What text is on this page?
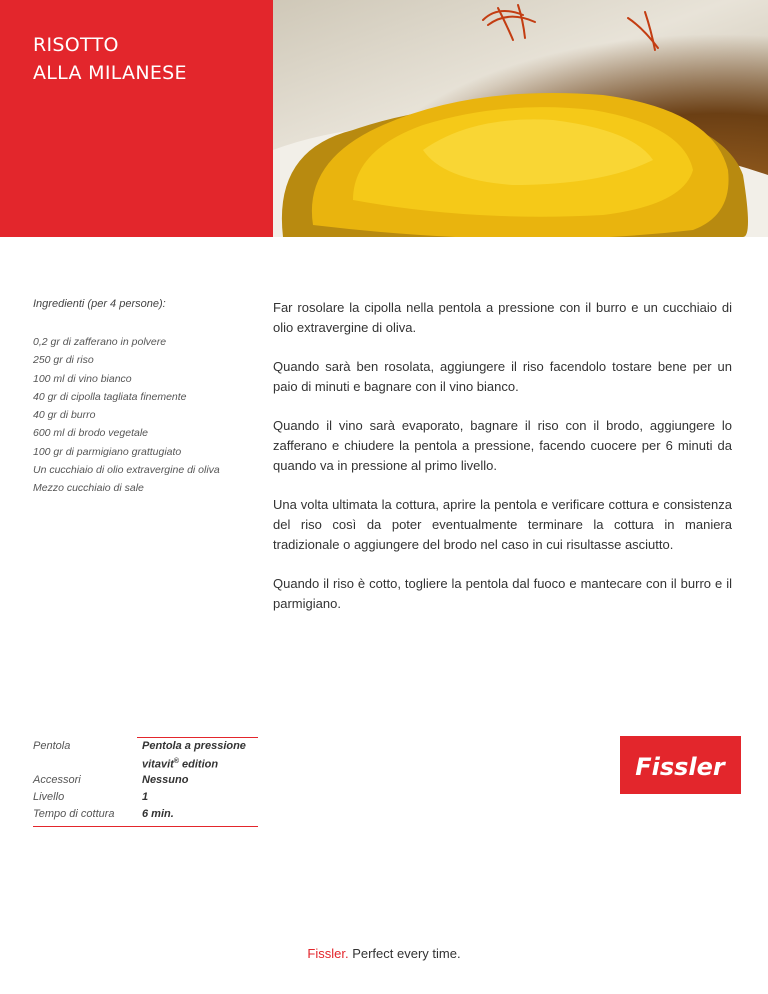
RISOTTO
ALLA MILANESE
Ingredienti (per 4 persone):
0,2 gr di zafferano in polvere
250 gr di riso
100 ml di vino bianco
40 gr di cipolla tagliata finemente
40 gr di burro
600 ml di brodo vegetale
100 gr di parmigiano grattugiato
Un cucchiaio di olio extravergine di oliva
Mezzo cucchiaio di sale

Far rosolare la cipolla nella pentola a pressione con il burro e un cucchiaio di olio extravergine di oliva.

Quando sarà ben rosolata, aggiungere il riso facendolo tostare bene per un paio di minuti e bagnare con il vino bianco.

Quando il vino sarà evaporato, bagnare il riso con il brodo, aggiungere lo zafferano e chiudere la pentola a pressione, facendo cuocere per 6 minuti da quando va in pressione al primo livello.

Una volta ultimata la cottura, aprire la pentola e verificare cottura e consistenza del riso così da poter eventualmente terminare la cottura in maniera tradizionale o aggiungere del brodo nel caso in cui risultasse asciutto.

Quando il riso è cotto, togliere la pentola dal fuoco e mantecare con il burro e il parmigiano.

Pentola	Pentola a pressione
vitavit® edition
Accessori	Nessuno
Livello	1
Tempo di cottura 6 min.
Fissler
Fissler. Perfect every time.
